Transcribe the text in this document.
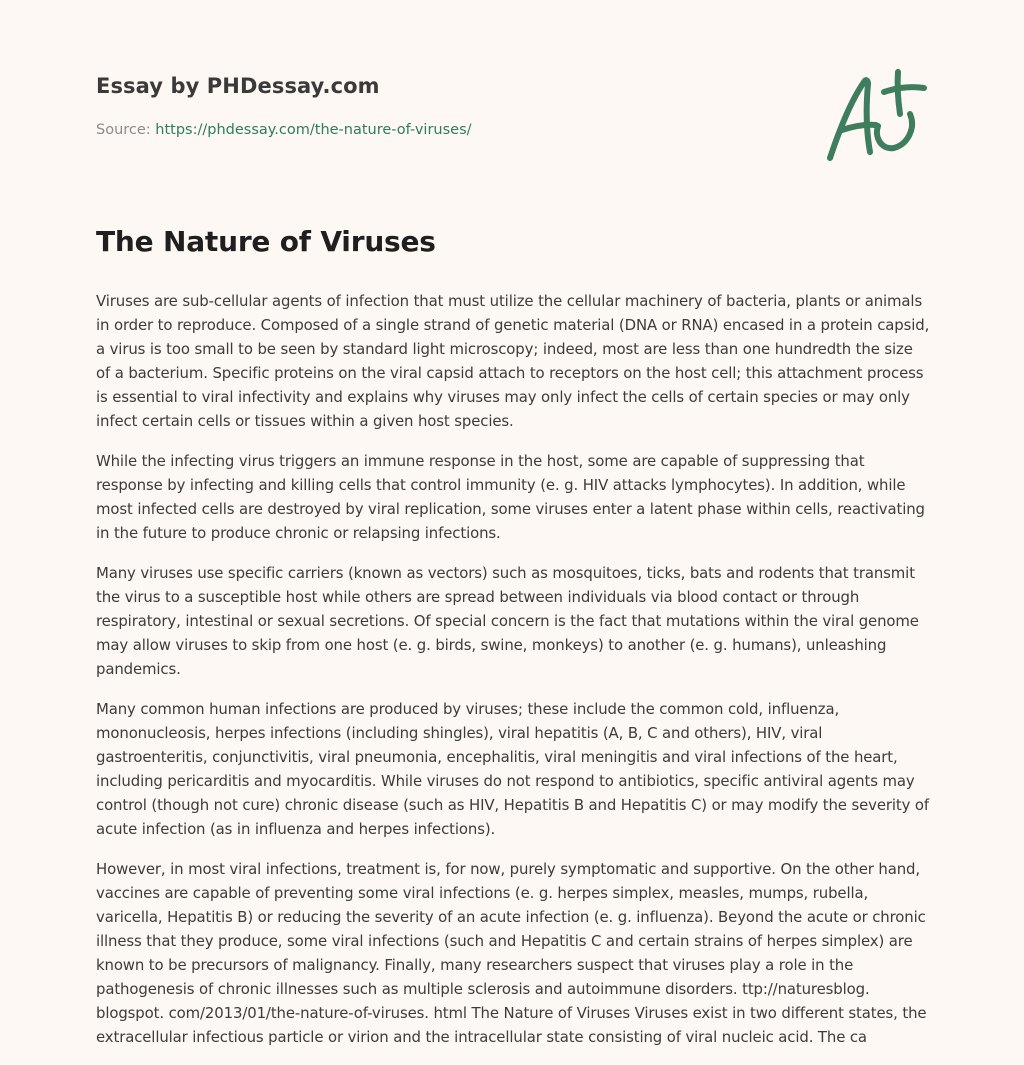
Essay by PHDessay.com
Source: https://phdessay.com/the-nature-of-viruses/
The Nature of Viruses

Viruses are sub-cellular agents of infection that must utilize the cellular machinery of bacteria, plants or animals in order to reproduce. Composed of a single strand of genetic material (DNA or RNA) encased in a protein capsid, a virus is too small to be seen by standard light microscopy; indeed, most are less than one hundredth the size of a bacterium. Specific proteins on the viral capsid attach to receptors on the host cell; this attachment process is essential to viral infectivity and explains why viruses may only infect the cells of certain species or may only infect certain cells or tissues within a given host species.

While the infecting virus triggers an immune response in the host, some are capable of suppressing that response by infecting and killing cells that control immunity (e. g. HIV attacks lymphocytes). In addition, while most infected cells are destroyed by viral replication, some viruses enter a latent phase within cells, reactivating in the future to produce chronic or relapsing infections.

Many viruses use specific carriers (known as vectors) such as mosquitoes, ticks, bats and rodents that transmit the virus to a susceptible host while others are spread between individuals via blood contact or through respiratory, intestinal or sexual secretions. Of special concern is the fact that mutations within the viral genome may allow viruses to skip from one host (e. g. birds, swine, monkeys) to another (e. g. humans), unleashing pandemics.

Many common human infections are produced by viruses; these include the common cold, influenza, mononucleosis, herpes infections (including shingles), viral hepatitis (A, B, C and others), HIV, viral gastroenteritis, conjunctivitis, viral pneumonia, encephalitis, viral meningitis and viral infections of the heart, including pericarditis and myocarditis. While viruses do not respond to antibiotics, specific antiviral agents may control (though not cure) chronic disease (such as HIV, Hepatitis B and Hepatitis C) or may modify the severity of acute infection (as in influenza and herpes infections).

However, in most viral infections, treatment is, for now, purely symptomatic and supportive. On the other hand, vaccines are capable of preventing some viral infections (e. g. herpes simplex, measles, mumps, rubella, varicella, Hepatitis B) or reducing the severity of an acute infection (e. g. influenza). Beyond the acute or chronic illness that they produce, some viral infections (such and Hepatitis C and certain strains of herpes simplex) are known to be precursors of malignancy. Finally, many researchers suspect that viruses play a role in the pathogenesis of chronic illnesses such as multiple sclerosis and autoimmune disorders. ttp://naturesblog. blogspot. com/2013/01/the-nature-of-viruses. html The Nature of Viruses Viruses exist in two different states, the extracellular infectious particle or virion and the intracellular state consisting of viral nucleic acid. The ca
